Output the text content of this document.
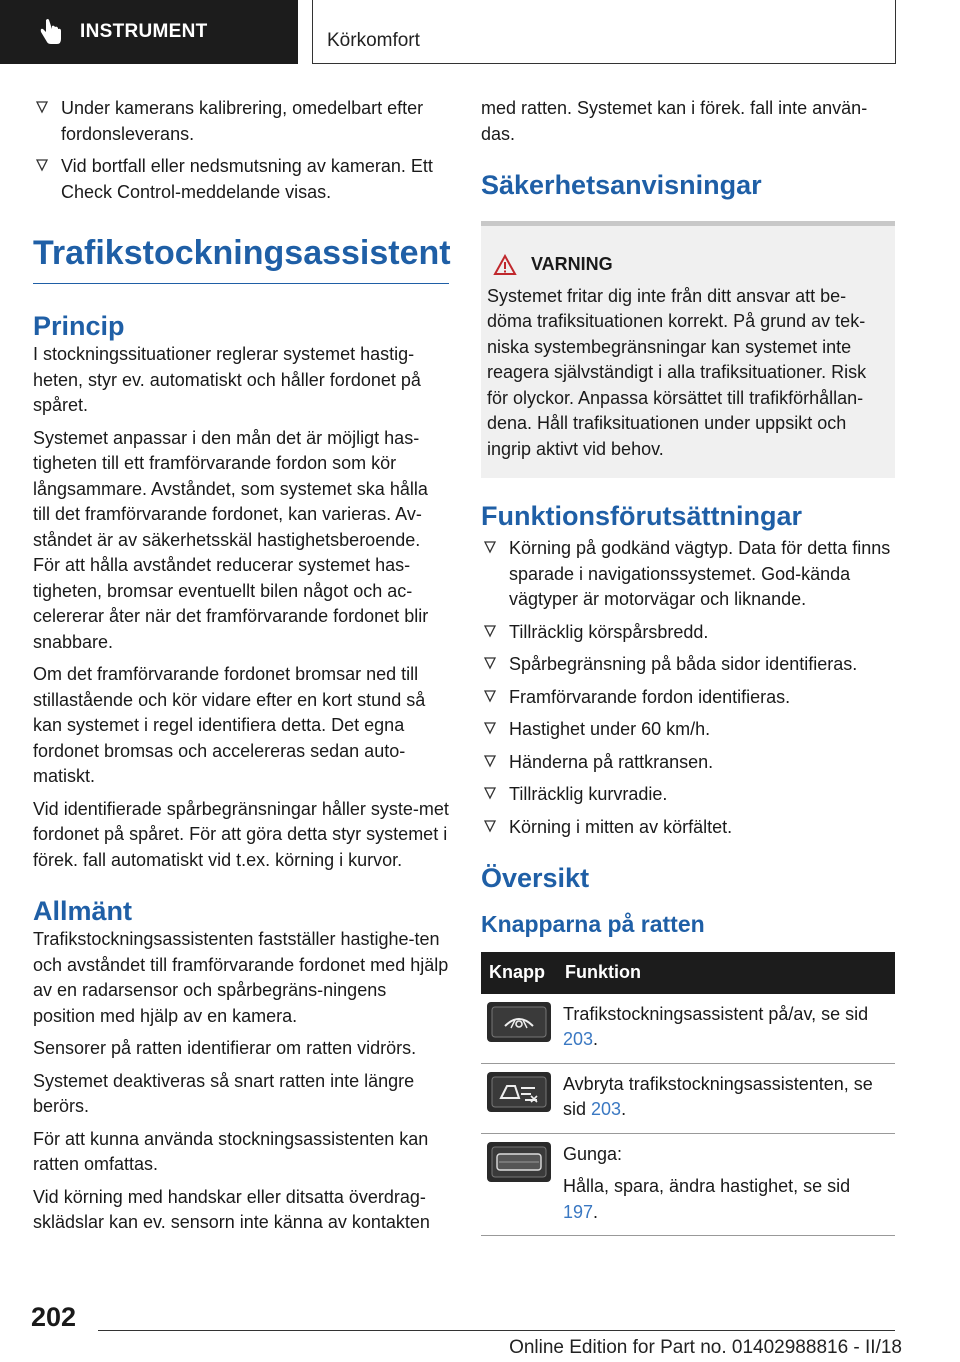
INSTRUMENT	Körkomfort
Under kamerans kalibrering, omedelbart efter fordonsleverans.
Vid bortfall eller nedsmutsning av kameran. Ett Check Control-meddelande visas.
Trafikstockningsassistent
Princip

I stockningssituationer reglerar systemet hastig-heten, styr ev. automatiskt och håller fordonet på spåret.

Systemet anpassar i den mån det är möjligt has-tigheten till ett framförvarande fordon som kör långsammare. Avståndet, som systemet ska hålla till det framförvarande fordonet, kan varieras. Av-ståndet är av säkerhetsskäl hastighetsberoende. För att hålla avståndet reducerar systemet has-tigheten, bromsar eventuellt bilen något och ac-celererar åter när det framförvarande fordonet blir snabbare.

Om det framförvarande fordonet bromsar ned till stillastående och kör vidare efter en kort stund så kan systemet i regel identifiera detta. Det egna fordonet bromsas och accelereras sedan auto-matiskt.

Vid identifierade spårbegränsningar håller syste-met fordonet på spåret. För att göra detta styr systemet i förek. fall automatiskt vid t.ex. körning i kurvor.

Allmänt

Trafikstockningsassistenten fastställer hastighe-ten och avståndet till framförvarande fordonet med hjälp av en radarsensor och spårbegräns-ningens position med hjälp av en kamera.

Sensorer på ratten identifierar om ratten vidrörs.

Systemet deaktiveras så snart ratten inte längre berörs.

För att kunna använda stockningsassistenten kan ratten omfattas.

Vid körning med handskar eller ditsatta överdrag-sklädslar kan ev. sensorn inte känna av kontakten

med ratten. Systemet kan i förek. fall inte använ-das.

Säkerhetsanvisningar
VARNING

Systemet fritar dig inte från ditt ansvar att be-döma trafiksituationen korrekt. På grund av tek-niska systembegränsningar kan systemet inte reagera självständigt i alla trafiksituationer. Risk för olyckor. Anpassa körsättet till trafikförhållan-dena. Håll trafiksituationen under uppsikt och ingrip aktivt vid behov.

Funktionsförutsättningar
Körning på godkänd vägtyp. Data för detta finns sparade i navigationssystemet. God-kända vägtyper är motorvägar och liknande.
Tillräcklig körspårsbredd.
Spårbegränsning på båda sidor identifieras.
Framförvarande fordon identifieras.
Hastighet under 60 km/h.
Händerna på rattkransen.
Tillräcklig kurvradie.
Körning i mitten av körfältet.
Översikt
Knapparna på ratten
Knapp	Funktion

	Trafikstockningsassistent på/av, se sid 203.

	Avbryta trafikstockningsassistenten, se sid 203.

Gunga:

Hålla, spara, ändra hastighet, se sid 197.
202
Online Edition for Part no. 01402988816 - II/18
